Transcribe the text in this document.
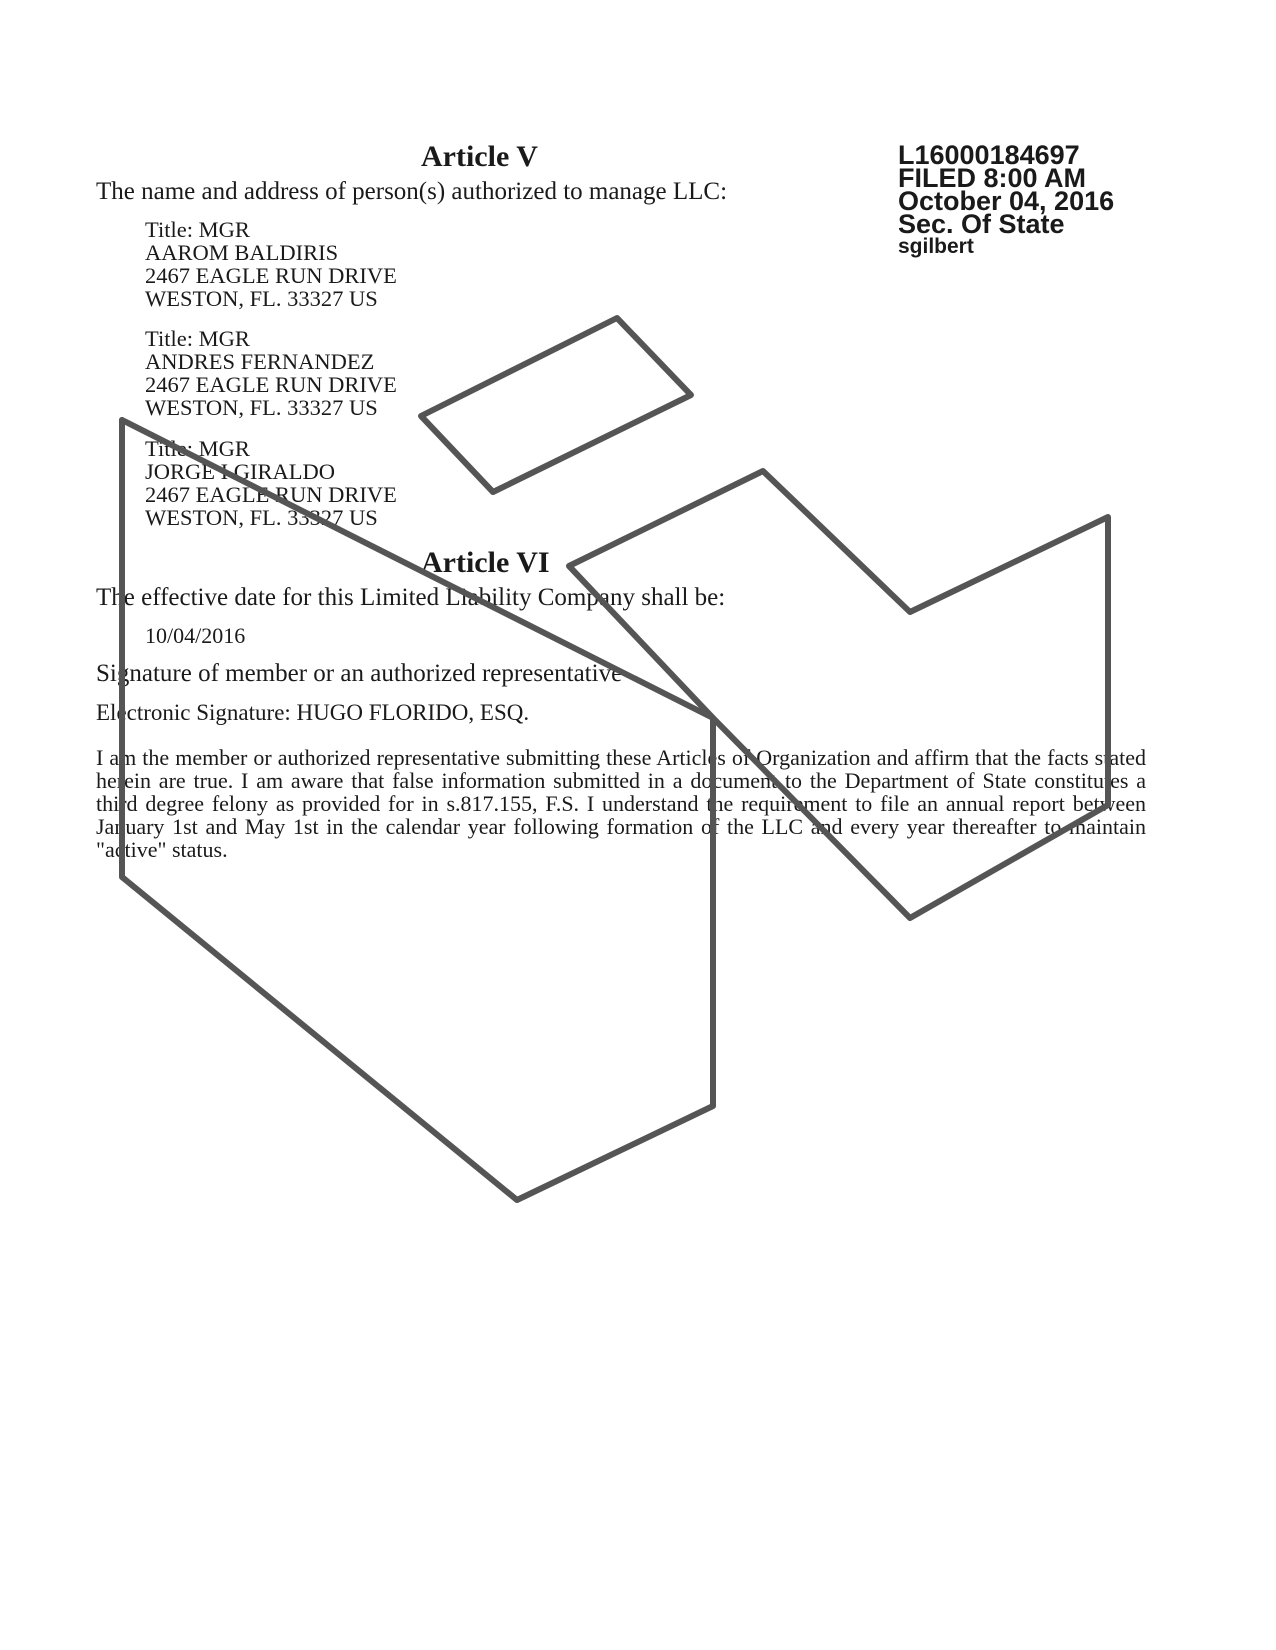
L16000184697
FILED 8:00 AM
October 04, 2016
Sec. Of State
sgilbert
Article V
The name and address of person(s) authorized to manage LLC:
Title: MGR
AAROM BALDIRIS
2467 EAGLE RUN DRIVE
WESTON, FL. 33327 US
Title: MGR
ANDRES FERNANDEZ
2467 EAGLE RUN DRIVE
WESTON, FL. 33327 US
Title: MGR
JORGE I GIRALDO
2467 EAGLE RUN DRIVE
WESTON, FL. 33327 US
Article VI
The effective date for this Limited Liability Company shall be:
10/04/2016
Signature of member or an authorized representative
Electronic Signature: HUGO FLORIDO, ESQ.
I am the member or authorized representative submitting these Articles of Organization and affirm that the facts stated herein are true. I am aware that false information submitted in a document to the Department of State constitutes a third degree felony as provided for in s.817.155, F.S. I understand the requirement to file an annual report between January 1st and May 1st in the calendar year following formation of the LLC and every year thereafter to maintain "active" status.
